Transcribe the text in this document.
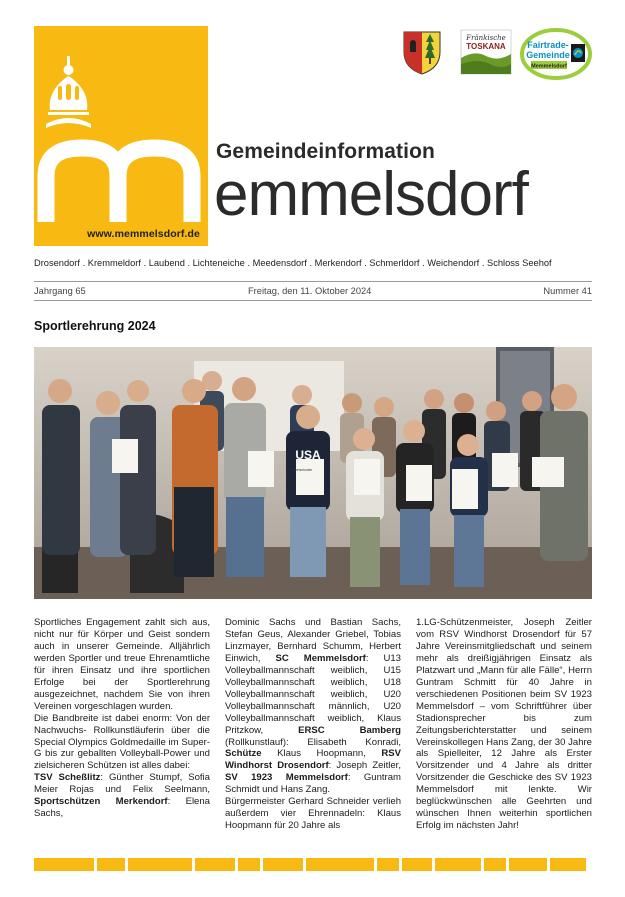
www.memmelsdorf.de
Fränkische
TOSKANA Fairtrade-
Gemeinde
Memmelsdorf
Gemeindeinformation
emmelsdorf
Drosendorf . Kremmeldorf . Laubend . Lichteneiche . Meedensdorf . Merkendorf . Schmerldorf . Weichendorf . Schloss Seehof
Jahrgang 65	Freitag, den 11. Oktober 2024	Nummer 41
Sportlerehrung 2024
USA
Ehrenurkunde

Sportliches Engagement zahlt sich aus, nicht nur für Körper und Geist sondern auch in unserer Gemeinde. Alljährlich werden Sportler und treue Ehrenamtliche für ihren Einsatz und ihre sportlichen Erfolge bei der Sportlerehrung ausgezeichnet, nachdem Sie von ihren Vereinen vorgeschlagen wurden.

Die Bandbreite ist dabei enorm: Von der Nachwuchs- Rollkunstläuferin über die Special Olympics Goldmedaille im Super-G bis zur geballten Volleyball-Power und zielsicheren Schützen ist alles dabei:

TSV Scheßlitz: Günther Stumpf, Sofia Meier Rojas und Felix Seelmann, Sportschützen Merkendorf: Elena Sachs,

Dominic Sachs und Bastian Sachs, Stefan Geus, Alexander Griebel, Tobias Linzmayer, Bernhard Schumm, Herbert Einwich, SC Memmelsdorf: U13 Volleyballmannschaft weiblich, U15 Volleyballmannschaft weiblich, U18 Volleyballmannschaft weiblich, U20 Volleyballmannschaft männlich, U20 Volleyballmannschaft weiblich, Klaus Pritzkow, ERSC Bamberg (Rollkunstlauf): Elisabeth Konradi, Schütze Klaus Hoopmann, RSV Windhorst Drosendorf: Joseph Zeitler, SV 1923 Memmelsdorf: Guntram Schmidt und Hans Zang.

Bürgermeister Gerhard Schneider verlieh außerdem vier Ehrennadeln: Klaus Hoopmann für 20 Jahre als

1.LG-Schützenmeister, Joseph Zeitler vom RSV Windhorst Drosendorf für 57 Jahre Vereinsmitgliedschaft und seinem mehr als dreißigjährigen Einsatz als Platzwart und „Mann für alle Fälle“, Herrn Guntram Schmitt für 40 Jahre in verschiedenen Positionen beim SV 1923 Memmelsdorf – vom Schriftführer über Stadionsprecher bis zum Zeitungsberichterstatter und seinem Vereinskollegen Hans Zang, der 30 Jahre als Spielleiter, 12 Jahre als Erster Vorsitzender und 4 Jahre als dritter Vorsitzender die Geschicke des SV 1923 Memmelsdorf mit lenkte. Wir beglückwünschen alle Geehrten und wünschen Ihnen weiterhin sportlichen Erfolg im nächsten Jahr!
